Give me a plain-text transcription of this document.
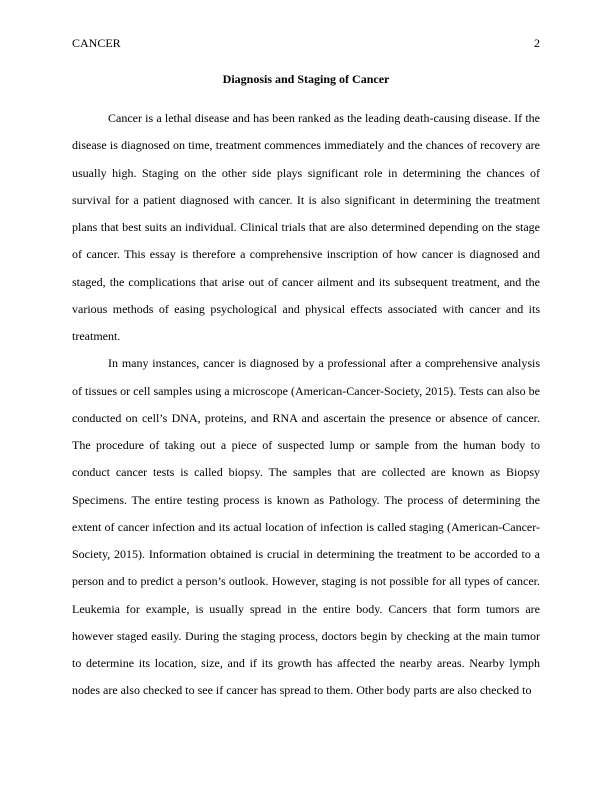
CANCER	2
Diagnosis and Staging of Cancer

Cancer is a lethal disease and has been ranked as the leading death-causing disease. If the disease is diagnosed on time, treatment commences immediately and the chances of recovery are usually high. Staging on the other side plays significant role in determining the chances of survival for a patient diagnosed with cancer. It is also significant in determining the treatment plans that best suits an individual. Clinical trials that are also determined depending on the stage of cancer. This essay is therefore a comprehensive inscription of how cancer is diagnosed and staged, the complications that arise out of cancer ailment and its subsequent treatment, and the various methods of easing psychological and physical effects associated with cancer and its treatment.

In many instances, cancer is diagnosed by a professional after a comprehensive analysis of tissues or cell samples using a microscope (American-Cancer-Society, 2015). Tests can also be conducted on cell’s DNA, proteins, and RNA and ascertain the presence or absence of cancer. The procedure of taking out a piece of suspected lump or sample from the human body to conduct cancer tests is called biopsy. The samples that are collected are known as Biopsy Specimens. The entire testing process is known as Pathology. The process of determining the extent of cancer infection and its actual location of infection is called staging (American-Cancer-Society, 2015). Information obtained is crucial in determining the treatment to be accorded to a person and to predict a person’s outlook. However, staging is not possible for all types of cancer. Leukemia for example, is usually spread in the entire body. Cancers that form tumors are however staged easily. During the staging process, doctors begin by checking at the main tumor to determine its location, size, and if its growth has affected the nearby areas. Nearby lymph nodes are also checked to see if cancer has spread to them. Other body parts are also checked to
